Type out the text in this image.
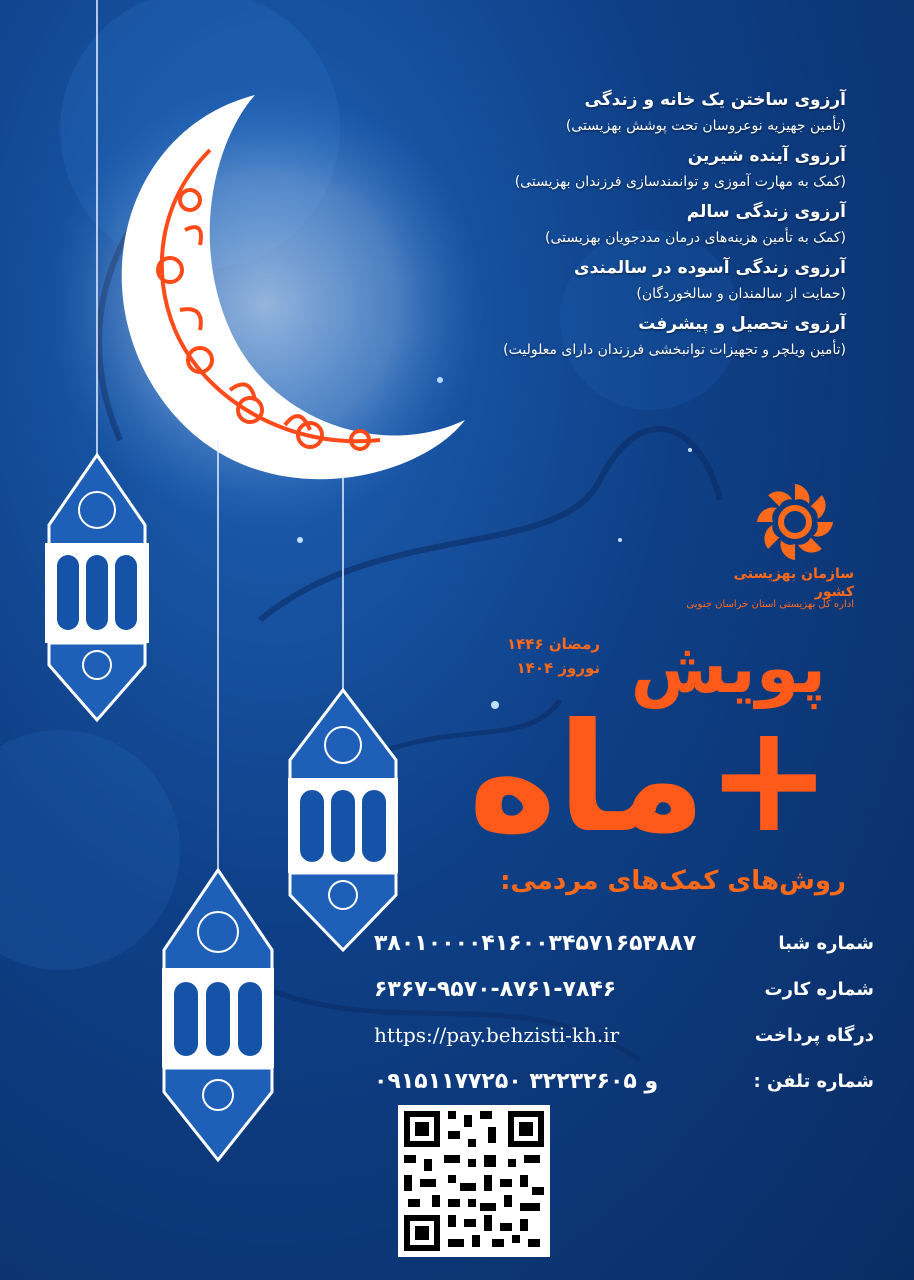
آرزوی ساختن یک خانه و زندگی
(تأمین جهیزیه نوعروسان تحت پوشش بهزیستی)
آرزوی آینده شیرین
(کمک به مهارت آموزی و توانمندسازی فرزندان بهزیستی)
آرزوی زندگی سالم
(کمک به تأمین هزینه‌های درمان مددجویان بهزیستی)
آرزوی زندگی آسوده در سالمندی
(حمایت از سالمندان و سالخوردگان)
آرزوی تحصیل و پیشرفت
(تأمین ویلچر و تجهیزات توانبخشی فرزندان دارای معلولیت)
سازمان بهزیستی کشور
اداره کل بهزیستی استان خراسان جنوبی
پویش
رمضان ۱۴۴۶
نوروز ۱۴۰۴
+ماه
روش‌های کمک‌های مردمی:
شماره شبا
۳۸۰۱۰۰۰۰۴۱۶۰۰۳۴۵۷۱۶۵۳۸۸۷
شماره کارت
۶۳۶۷-۹۵۷۰-۸۷۶۱-۷۸۴۶
درگاه پرداخت
https://pay.behzisti-kh.ir
شماره تلفن :
۰۹۱۵۱۱۷۷۲۵۰ و ۳۲۲۳۲۶۰۵
